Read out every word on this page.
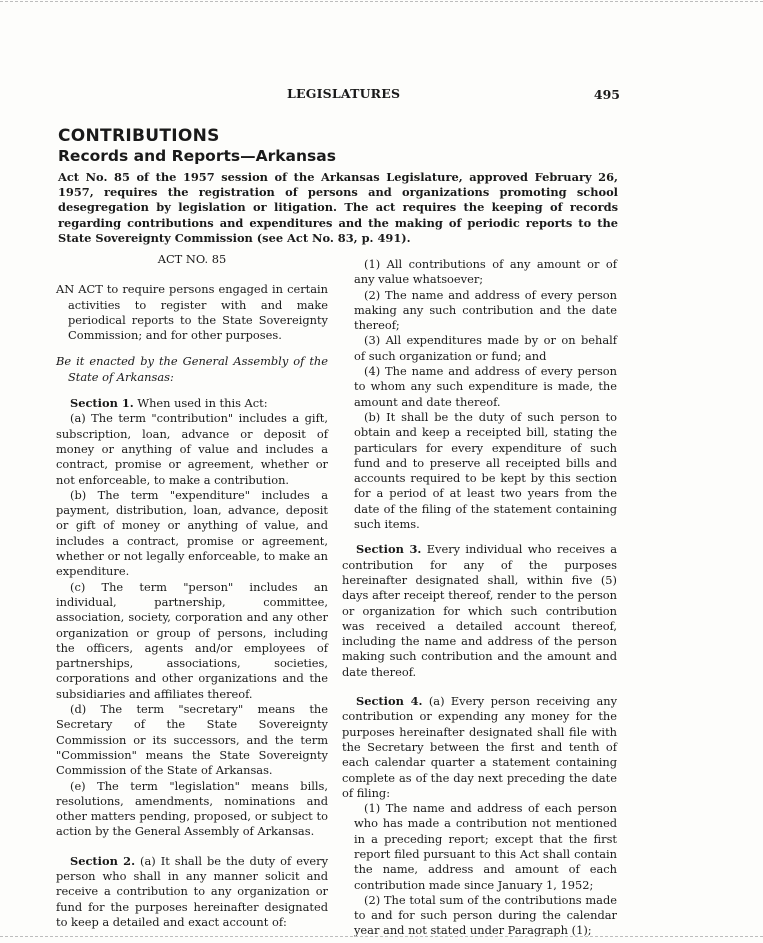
LEGISLATURES	495
CONTRIBUTIONS
Records and Reports—Arkansas
Act No. 85 of the 1957 session of the Arkansas Legislature, approved February 26, 1957, requires the registration of persons and organizations promoting school desegregation by legislation or litigation. The act requires the keeping of records regarding contributions and expenditures and the making of periodic reports to the State Sovereignty Commission (see Act No. 83, p. 491).

ACT NO. 85

AN ACT to require persons engaged in certain activities to register with and make periodical reports to the State Sovereignty Commission; and for other purposes.

Be it enacted by the General Assembly of the State of Arkansas:

Section 1. When used in this Act:

(a) The term "contribution" includes a gift, subscription, loan, advance or deposit of money or anything of value and includes a contract, promise or agreement, whether or not enforceable, to make a contribution.

(b) The term "expenditure" includes a payment, distribution, loan, advance, deposit or gift of money or anything of value, and includes a contract, promise or agreement, whether or not legally enforceable, to make an expenditure.

(c) The term "person" includes an individual, partnership, committee, association, society, corporation and any other organization or group of persons, including the officers, agents and/or employees of partnerships, associations, societies, corporations and other organizations and the subsidiaries and affiliates thereof.

(d) The term "secretary" means the Secretary of the State Sovereignty Commission or its successors, and the term "Commission" means the State Sovereignty Commission of the State of Arkansas.

(e) The term "legislation" means bills, resolutions, amendments, nominations and other matters pending, proposed, or subject to action by the General Assembly of Arkansas.

Section 2. (a) It shall be the duty of every person who shall in any manner solicit and receive a contribution to any organization or fund for the purposes hereinafter designated to keep a detailed and exact account of:

(1) All contributions of any amount or of any value whatsoever;

(2) The name and address of every person making any such contribution and the date thereof;

(3) All expenditures made by or on behalf of such organization or fund; and

(4) The name and address of every person to whom any such expenditure is made, the amount and date thereof.

(b) It shall be the duty of such person to obtain and keep a receipted bill, stating the particulars for every expenditure of such fund and to preserve all receipted bills and accounts required to be kept by this section for a period of at least two years from the date of the filing of the statement containing such items.

Section 3. Every individual who receives a contribution for any of the purposes hereinafter designated shall, within five (5) days after receipt thereof, render to the person or organization for which such contribution was received a detailed account thereof, including the name and address of the person making such contribution and the amount and date thereof.

Section 4. (a) Every person receiving any contribution or expending any money for the purposes hereinafter designated shall file with the Secretary between the first and tenth of each calendar quarter a statement containing complete as of the day next preceding the date of filing:

(1) The name and address of each person who has made a contribution not mentioned in a preceding report; except that the first report filed pursuant to this Act shall contain the name, address and amount of each contribution made since January 1, 1952;

(2) The total sum of the contributions made to and for such person during the calendar year and not stated under Paragraph (1);
